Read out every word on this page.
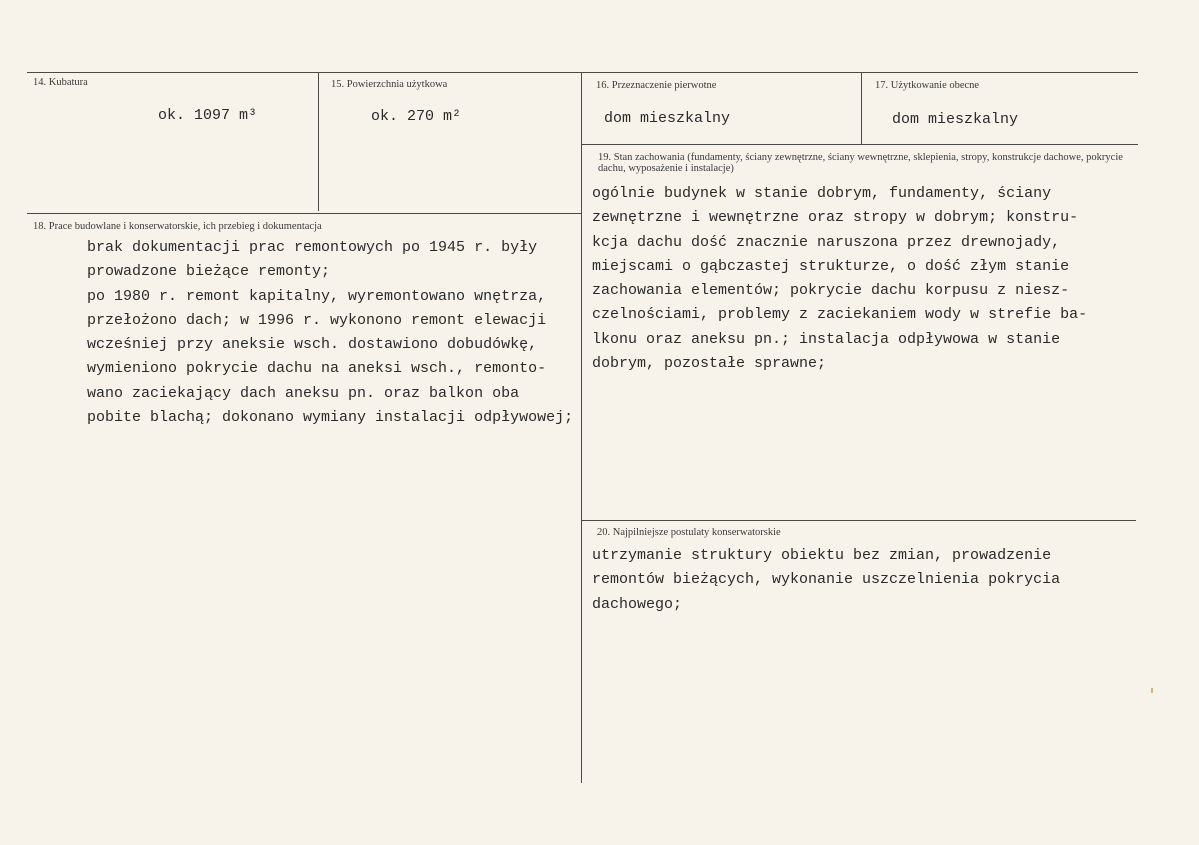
14. Kubatura
ok. 1097 m³
15. Powierzchnia użytkowa
ok. 270 m²
16. Przeznaczenie pierwotne
dom mieszkalny
17. Użytkowanie obecne
dom mieszkalny
18. Prace budowlane i konserwatorskie, ich przebieg i dokumentacja
brak dokumentacji prac remontowych po 1945 r. były
prowadzone bieżące remonty;
po 1980 r. remont kapitalny, wyremontowano wnętrza,
przełożono dach; w 1996 r. wykonono remont elewacji
wcześniej przy aneksie wsch. dostawiono dobudówkę,
wymieniono pokrycie dachu na aneksi wsch., remonto-
wano zaciekający dach aneksu pn. oraz balkon oba
pobite blachą; dokonano wymiany instalacji odpływowej;
19. Stan zachowania (fundamenty, ściany zewnętrzne, ściany wewnętrzne, sklepienia, stropy, konstrukcje dachowe, pokrycie dachu, wyposażenie i instalacje)
ogólnie budynek w stanie dobrym, fundamenty, ściany
zewnętrzne i wewnętrzne oraz stropy w dobrym; konstru-
kcja dachu dość znacznie naruszona przez drewnojady,
miejscami o gąbczastej strukturze, o dość złym stanie
zachowania elementów; pokrycie dachu korpusu z niesz-
czelnościami, problemy z zaciekaniem wody w strefie ba-
lkonu oraz aneksu pn.; instalacja odpływowa w stanie
dobrym, pozostałe sprawne;
20. Najpilniejsze postulaty konserwatorskie
utrzymanie struktury obiektu bez zmian, prowadzenie
remontów bieżących, wykonanie uszczelnienia pokrycia
dachowego;
